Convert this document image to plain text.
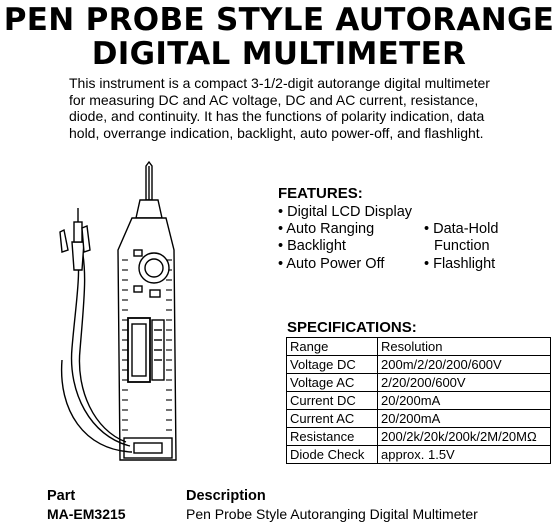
PEN PROBE STYLE AUTORANGE
DIGITAL MULTIMETER

This instrument is a compact 3-1/2-digit autorange digital multimeter for measuring DC and AC voltage, DC and AC current, resistance, diode, and continuity. It has the functions of polarity indication, data hold, overrange indication, backlight, auto power-off, and flashlight.

FEATURES:
• Digital LCD Display
• Auto Ranging	• Data-Hold
Function
• Backlight
• Auto Power Off	• Flashlight
SPECIFICATIONS:
Range	Resolution
Voltage DC	200m/2/20/200/600V
Voltage AC	2/20/200/600V
Current DC	20/200mA
Current AC	20/200mA
Resistance	200/2k/20k/200k/2M/20MΩ
Diode Check	approx. 1.5V
Part	Description

MA-EM3215	Pen Probe Style Autoranging Digital Multimeter
